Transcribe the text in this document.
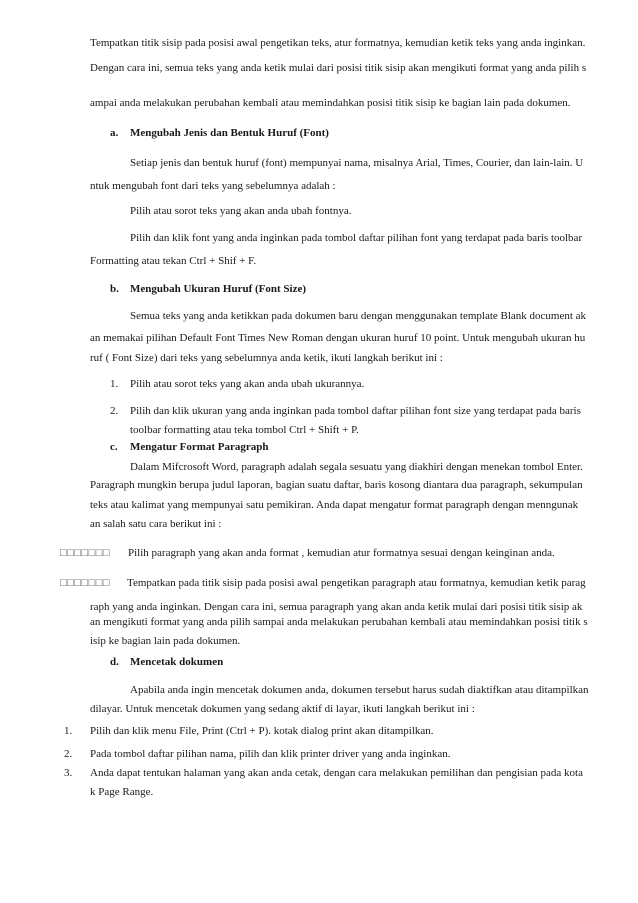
Tempatkan titik sisip pada posisi awal pengetikan teks, atur formatnya, kemudian ketik teks yang anda inginkan.
Dengan cara ini, semua teks yang anda ketik mulai dari posisi titik sisip akan mengikuti format yang anda pilih s
ampai anda melakukan perubahan kembali atau memindahkan posisi titik sisip ke bagian lain pada dokumen.
a. Mengubah Jenis dan Bentuk Huruf (Font)
Setiap jenis dan bentuk huruf (font) mempunyai nama, misalnya Arial, Times, Courier, dan lain-lain. U
ntuk mengubah font dari teks yang sebelumnya adalah :
Pilih atau sorot teks yang akan anda ubah fontnya.
Pilih dan klik font yang anda inginkan pada tombol daftar pilihan font yang terdapat pada baris toolbar
Formatting atau tekan Ctrl + Shif + F.
b. Mengubah Ukuran Huruf (Font Size)
Semua teks yang anda ketikkan pada dokumen baru dengan menggunakan template Blank document ak
an memakai pilihan Default Font Times New Roman dengan ukuran huruf 10 point. Untuk mengubah ukuran hu
ruf ( Font Size) dari teks yang sebelumnya anda ketik, ikuti langkah berikut ini :
1. Pilih atau sorot teks yang akan anda ubah ukurannya.
2. Pilih dan klik ukuran yang anda inginkan pada tombol daftar pilihan font size yang terdapat pada baris
toolbar formatting atau teka tombol Ctrl + Shift + P.
c. Mengatur Format Paragraph
Dalam Mifcrosoft Word, paragraph adalah segala sesuatu yang diakhiri dengan menekan tombol Enter.
Paragraph mungkin berupa judul laporan, bagian suatu daftar, baris kosong diantara dua paragraph, sekumpulan
teks atau kalimat yang mempunyai satu pemikiran. Anda dapat mengatur format paragraph dengan menngunak
an salah satu cara berikut ini :
□□□□□□□ Pilih paragraph yang akan anda format , kemudian atur formatnya sesuai dengan keinginan anda.
□□□□□□□ Tempatkan pada titik sisip pada posisi awal pengetikan paragraph atau formatnya, kemudian ketik parag
raph yang anda inginkan. Dengan cara ini, semua paragraph yang akan anda ketik mulai dari posisi titik sisip ak
an mengikuti format yang anda pilih sampai anda melakukan perubahan kembali atau memindahkan posisi titik s
isip ke bagian lain pada dokumen.
d. Mencetak dokumen
Apabila anda ingin mencetak dokumen anda, dokumen tersebut harus sudah diaktifkan atau ditampilkan
dilayar. Untuk mencetak dokumen yang sedang aktif di layar, ikuti langkah berikut ini :
1. Pilih dan klik menu File, Print (Ctrl + P). kotak dialog print akan ditampilkan.
2. Pada tombol daftar pilihan nama, pilih dan klik printer driver yang anda inginkan.
3. Anda dapat tentukan halaman yang akan anda cetak, dengan cara melakukan pemilihan dan pengisian pada kota
k Page Range.
